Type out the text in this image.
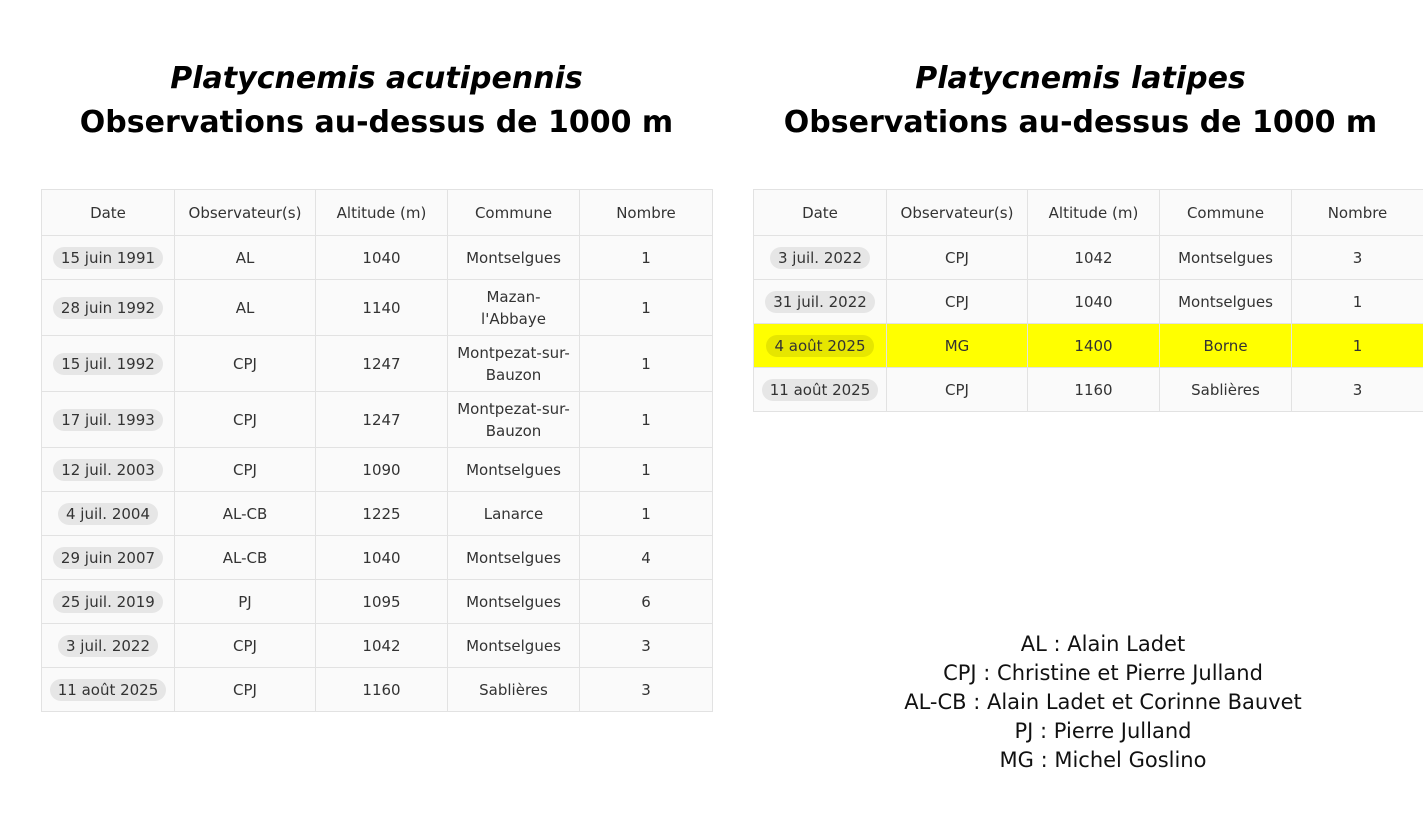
Platycnemis acutipennis
Observations au-dessus de 1000 m
Platycnemis latipes
Observations au-dessus de 1000 m
Date	Observateur(s)	Altitude (m)	Commune	Nombre
15 juin 1991	AL	1040	Montselgues	1
28 juin 1992	AL	1140	Mazan-l'Abbaye	1
15 juil. 1992	CPJ	1247	Montpezat-sur-Bauzon	1
17 juil. 1993	CPJ	1247	Montpezat-sur-Bauzon	1
12 juil. 2003	CPJ	1090	Montselgues	1
4 juil. 2004	AL-CB	1225	Lanarce	1
29 juin 2007	AL-CB	1040	Montselgues	4
25 juil. 2019	PJ	1095	Montselgues	6
3 juil. 2022	CPJ	1042	Montselgues	3
11 août 2025	CPJ	1160	Sablières	3
Date	Observateur(s)	Altitude (m)	Commune	Nombre
3 juil. 2022	CPJ	1042	Montselgues	3
31 juil. 2022	CPJ	1040	Montselgues	1
4 août 2025	MG	1400	Borne	1
11 août 2025	CPJ	1160	Sablières	3
AL : Alain Ladet
CPJ : Christine et Pierre Julland
AL-CB : Alain Ladet et Corinne Bauvet
PJ : Pierre Julland
MG : Michel Goslino
